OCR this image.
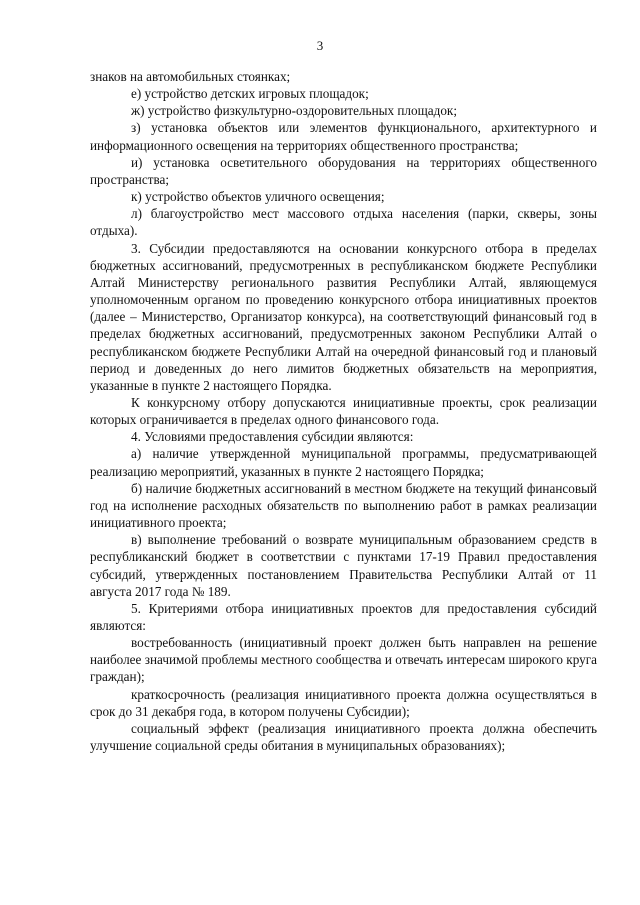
3

знаков на автомобильных стоянках;

е) устройство детских игровых площадок;

ж) устройство физкультурно-оздоровительных площадок;

з) установка объектов или элементов функционального, архитектурного и информационного освещения на территориях общественного пространства;

и) установка осветительного оборудования на территориях общественного пространства;

к) устройство объектов уличного освещения;

л) благоустройство мест массового отдыха населения (парки, скверы, зоны отдыха).

3. Субсидии предоставляются на основании конкурсного отбора в пределах бюджетных ассигнований, предусмотренных в республиканском бюджете Республики Алтай Министерству регионального развития Республики Алтай, являющемуся уполномоченным органом по проведению конкурсного отбора инициативных проектов (далее – Министерство, Организатор конкурса), на соответствующий финансовый год в пределах бюджетных ассигнований, предусмотренных законом Республики Алтай о республиканском бюджете Республики Алтай на очередной финансовый год и плановый период и доведенных до него лимитов бюджетных обязательств на мероприятия, указанные в пункте 2 настоящего Порядка.

К конкурсному отбору допускаются инициативные проекты, срок реализации которых ограничивается в пределах одного финансового года.

4. Условиями предоставления субсидии являются:

а) наличие утвержденной муниципальной программы, предусматривающей реализацию мероприятий, указанных в пункте 2 настоящего Порядка;

б) наличие бюджетных ассигнований в местном бюджете на текущий финансовый год на исполнение расходных обязательств по выполнению работ в рамках реализации инициативного проекта;

в) выполнение требований о возврате муниципальным образованием средств в республиканский бюджет в соответствии с пунктами 17-19 Правил предоставления субсидий, утвержденных постановлением Правительства Республики Алтай от 11 августа 2017 года № 189.

5. Критериями отбора инициативных проектов для предоставления субсидий являются:

востребованность (инициативный проект должен быть направлен на решение наиболее значимой проблемы местного сообщества и отвечать интересам широкого круга граждан);

краткосрочность (реализация инициативного проекта должна осуществляться в срок до 31 декабря года, в котором получены Субсидии);

социальный эффект (реализация инициативного проекта должна обеспечить улучшение социальной среды обитания в муниципальных образованиях);
